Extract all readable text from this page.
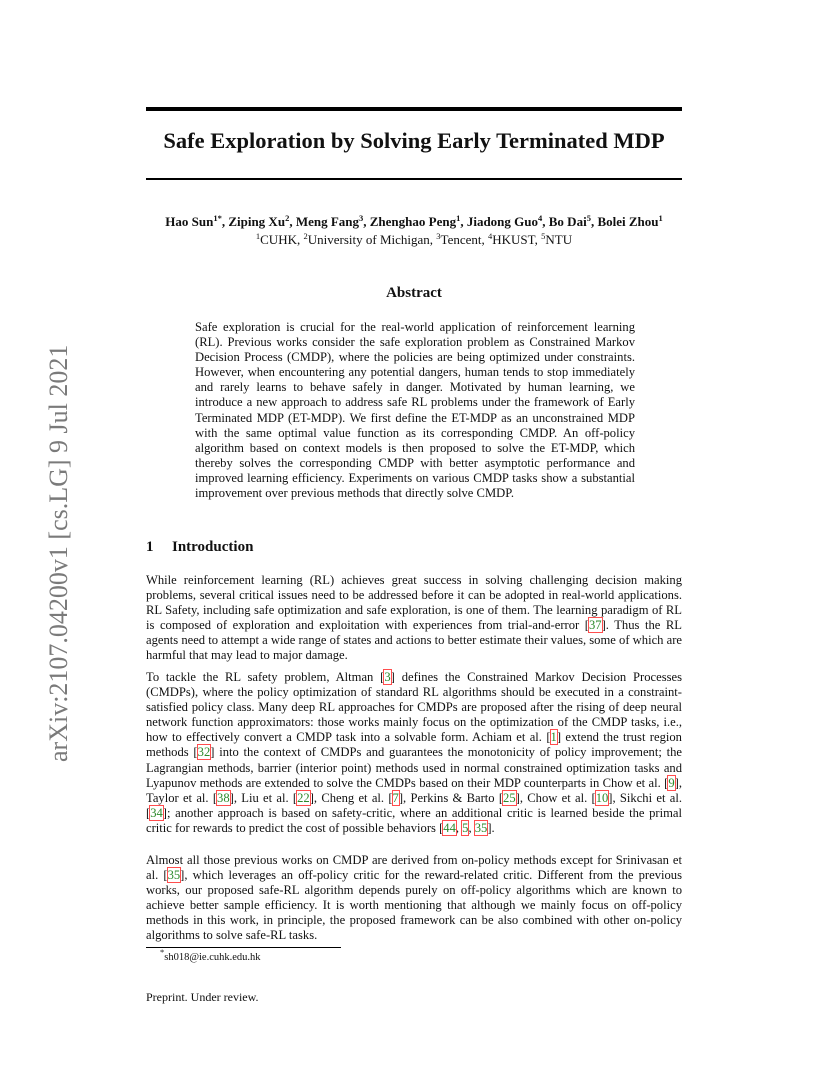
arXiv:2107.04200v1 [cs.LG] 9 Jul 2021
Safe Exploration by Solving Early Terminated MDP
Hao Sun$^{1*}$, Ziping Xu$^2$, Meng Fang$^3$, Zhenghao Peng$^1$, Jiadong Guo$^4$, Bo Dai$^5$, Bolei Zhou$^1$
$^1$CUHK, $^2$University of Michigan, $^3$Tencent, $^4$HKUST, $^5$NTU
Abstract
Safe exploration is crucial for the real-world application of reinforcement learning (RL). Previous works consider the safe exploration problem as Constrained Markov Decision Process (CMDP), where the policies are being optimized under constraints. However, when encountering any potential dangers, human tends to stop immediately and rarely learns to behave safely in danger. Motivated by human learning, we introduce a new approach to address safe RL problems under the framework of Early Terminated MDP (ET-MDP). We first define the ET-MDP as an unconstrained MDP with the same optimal value function as its corresponding CMDP. An off-policy algorithm based on context models is then proposed to solve the ET-MDP, which thereby solves the corresponding CMDP with better asymptotic performance and improved learning efficiency. Experiments on various CMDP tasks show a substantial improvement over previous methods that directly solve CMDP.
1 Introduction
While reinforcement learning (RL) achieves great success in solving challenging decision making problems, several critical issues need to be addressed before it can be adopted in real-world applications. RL Safety, including safe optimization and safe exploration, is one of them. The learning paradigm of RL is composed of exploration and exploitation with experiences from trial-and-error [37]. Thus the RL agents need to attempt a wide range of states and actions to better estimate their values, some of which are harmful that may lead to major damage.
To tackle the RL safety problem, Altman [3] defines the Constrained Markov Decision Processes (CMDPs), where the policy optimization of standard RL algorithms should be executed in a constraint-satisfied policy class. Many deep RL approaches for CMDPs are proposed after the rising of deep neural network function approximators: those works mainly focus on the optimization of the CMDP tasks, i.e., how to effectively convert a CMDP task into a solvable form. Achiam et al. [1] extend the trust region methods [32] into the context of CMDPs and guarantees the monotonicity of policy improvement; the Lagrangian methods, barrier (interior point) methods used in normal constrained optimization tasks and Lyapunov methods are extended to solve the CMDPs based on their MDP counterparts in Chow et al. [9], Taylor et al. [38], Liu et al. [22], Cheng et al. [7], Perkins & Barto [25], Chow et al. [10], Sikchi et al. [34]; another approach is based on safety-critic, where an additional critic is learned beside the primal critic for rewards to predict the cost of possible behaviors [44, 5, 35].
Almost all those previous works on CMDP are derived from on-policy methods except for Srinivasan et al. [35], which leverages an off-policy critic for the reward-related critic. Different from the previous works, our proposed safe-RL algorithm depends purely on off-policy algorithms which are known to achieve better sample efficiency. It is worth mentioning that although we mainly focus on off-policy methods in this work, in principle, the proposed framework can be also combined with other on-policy algorithms to solve safe-RL tasks.
*sh018@ie.cuhk.edu.hk
Preprint. Under review.
